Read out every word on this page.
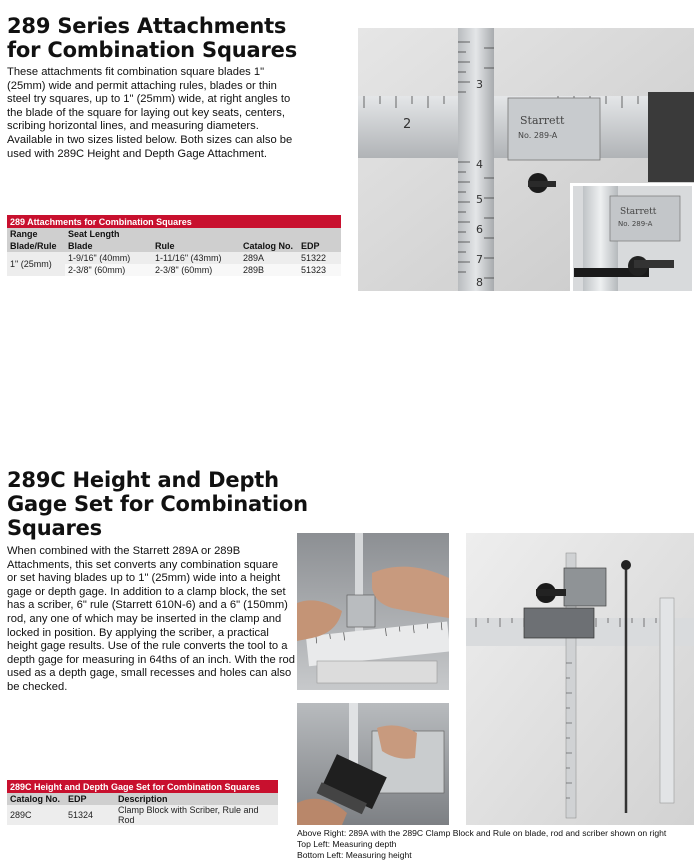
289 Series Attachments
for Combination Squares
These attachments fit combination square blades 1"
(25mm) wide and permit attaching rules, blades or thin
steel try squares, up to 1" (25mm) wide, at right angles to
the blade of the square for laying out key seats, centers,
scribing horizontal lines, and measuring diameters.
Available in two sizes listed below. Both sizes can also be
used with 289C Height and Depth Gage Attachment.
289 Attachments for Combination Squares				
Range	Seat Length			
Blade/Rule	Blade	Rule	Catalog No.	EDP
1" (25mm)	1-9/16" (40mm)	1-11/16" (43mm)	289A	51322
	2-3/8" (60mm)	2-3/8" (60mm)	289B	51323
2
3
4
5
6
7
8
Starrett
No. 289-A
Starrett
No. 289-A
289C Height and Depth
Gage Set for Combination
Squares
When combined with the Starrett 289A or 289B
Attachments, this set converts any combination square
or set having blades up to 1" (25mm) wide into a height
gage or depth gage. In addition to a clamp block, the set
has a scriber, 6" rule (Starrett 610N-6) and a 6" (150mm)
rod, any one of which may be inserted in the clamp and
locked in position. By applying the scriber, a practical
height gage results. Use of the rule converts the tool to a
depth gage for measuring in 64ths of an inch. With the rod
used as a depth gage, small recesses and holes can also
be checked.
289C Height and Depth Gage Set for Combination Squares		
Catalog No.	EDP	Description
289C	51324	Clamp Block with Scriber, Rule and Rod
Above Right: 289A with the 289C Clamp Block and Rule on blade, rod and scriber shown on right
Top Left: Measuring depth
Bottom Left: Measuring height
